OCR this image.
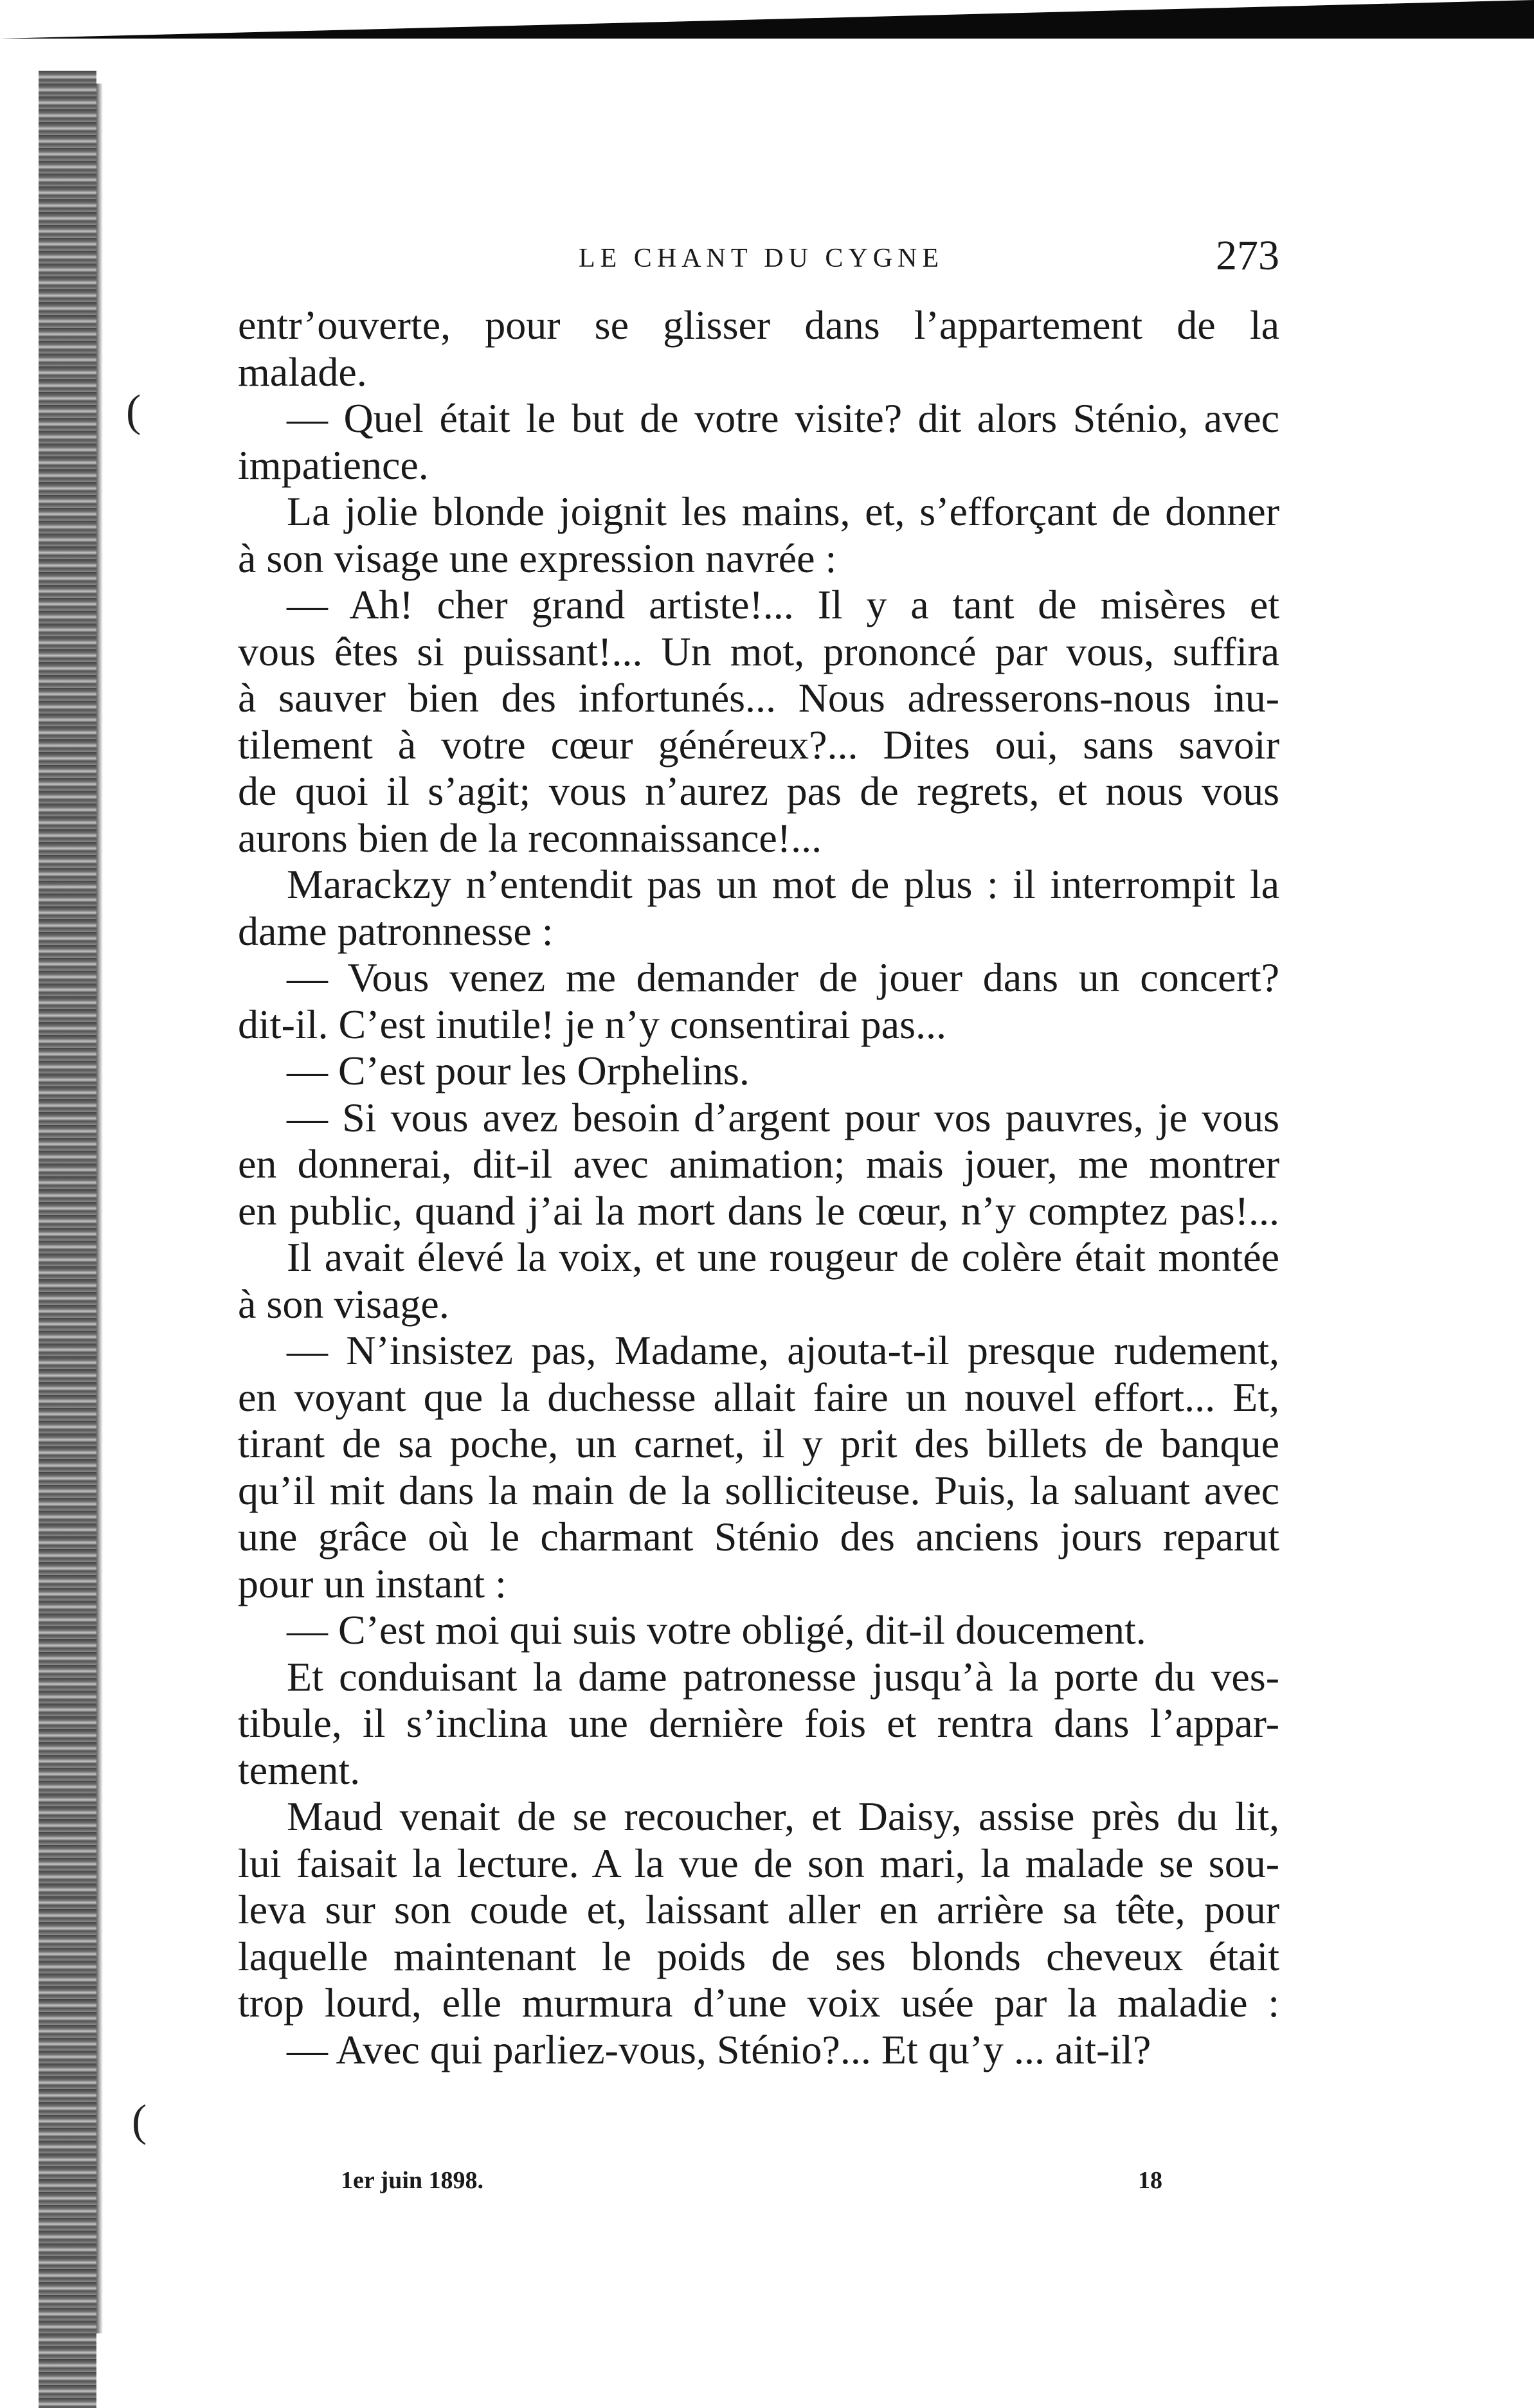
(
(
LE CHANT DU CYGNE	273
entr’ouverte, pour se glisser dans l’appartement de la
malade.
— Quel était le but de votre visite? dit alors Sténio, avec
impatience.
La jolie blonde joignit les mains, et, s’efforçant de donner
à son visage une expression navrée :
— Ah! cher grand artiste!... Il y a tant de misères et
vous êtes si puissant!... Un mot, prononcé par vous, suffira
à sauver bien des infortunés... Nous adresserons-nous inu-
tilement à votre cœur généreux?... Dites oui, sans savoir
de quoi il s’agit; vous n’aurez pas de regrets, et nous vous
aurons bien de la reconnaissance!...
Marackzy n’entendit pas un mot de plus : il interrompit la
dame patronnesse :
— Vous venez me demander de jouer dans un concert?
dit-il. C’est inutile! je n’y consentirai pas...
— C’est pour les Orphelins.
— Si vous avez besoin d’argent pour vos pauvres, je vous
en donnerai, dit-il avec animation; mais jouer, me montrer
en public, quand j’ai la mort dans le cœur, n’y comptez pas!...
Il avait élevé la voix, et une rougeur de colère était montée
à son visage.
— N’insistez pas, Madame, ajouta-t-il presque rudement,
en voyant que la duchesse allait faire un nouvel effort... Et,
tirant de sa poche, un carnet, il y prit des billets de banque
qu’il mit dans la main de la solliciteuse. Puis, la saluant avec
une grâce où le charmant Sténio des anciens jours reparut
pour un instant :
— C’est moi qui suis votre obligé, dit-il doucement.
Et conduisant la dame patronesse jusqu’à la porte du ves-
tibule, il s’inclina une dernière fois et rentra dans l’appar-
tement.
Maud venait de se recoucher, et Daisy, assise près du lit,
lui faisait la lecture. A la vue de son mari, la malade se sou-
leva sur son coude et, laissant aller en arrière sa tête, pour
laquelle maintenant le poids de ses blonds cheveux était
trop lourd, elle murmura d’une voix usée par la maladie :
— Avec qui parliez-vous, Sténio?... Et qu’y ... ait-il?
1er juin 1898.	18
